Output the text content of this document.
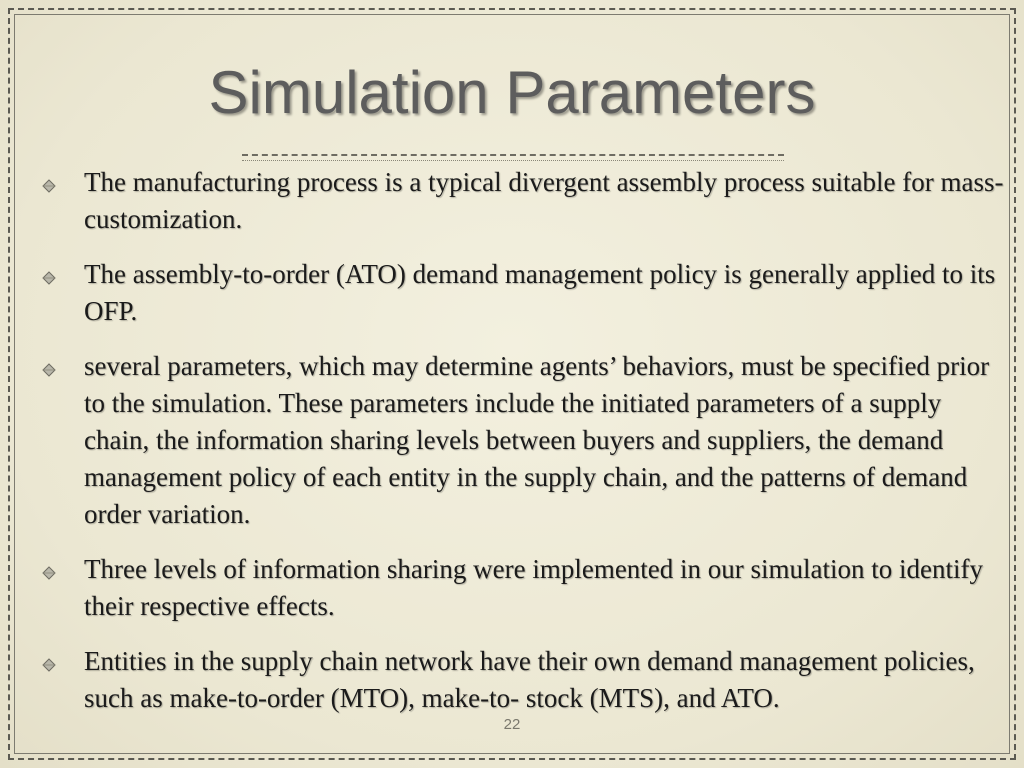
Simulation Parameters
The manufacturing process is a typical divergent assembly process suitable for mass-customization.
The assembly-to-order (ATO) demand management policy is generally applied to its OFP.
several parameters, which may determine agents’ behaviors, must be specified prior to the simulation. These parameters include the initiated parameters of a supply chain, the information sharing levels between buyers and suppliers, the demand management policy of each entity in the supply chain, and the patterns of demand order variation.
Three levels of information sharing were implemented in our simulation to identify their respective effects.
Entities in the supply chain network have their own demand management policies, such as make-to-order (MTO), make-to- stock (MTS), and ATO.
22
